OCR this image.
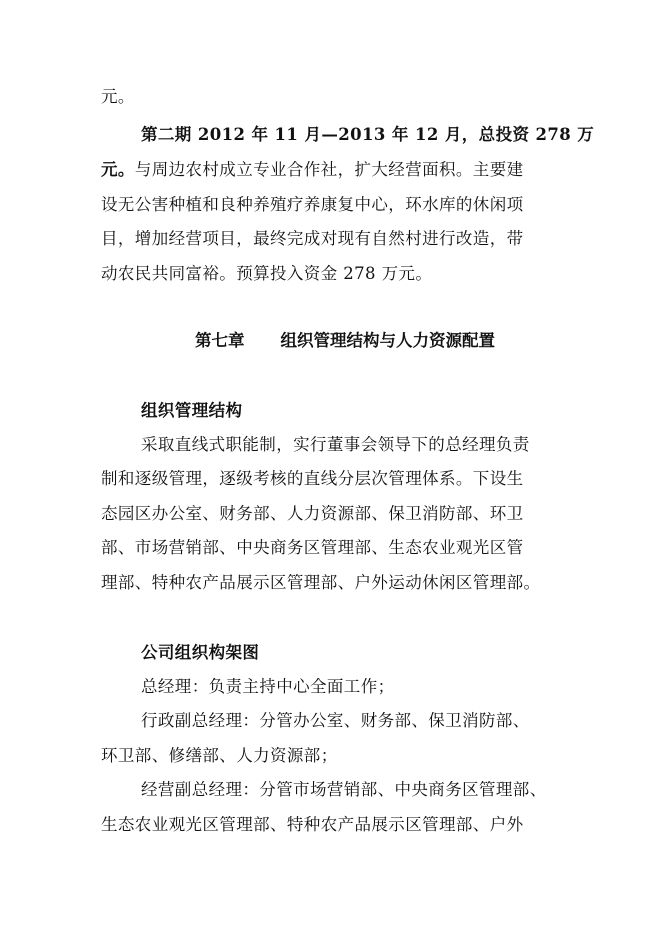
元。
第二期 2012 年 11 月—2013 年 12 月，总投资 278 万
元。与周边农村成立专业合作社，扩大经营面积。主要建
设无公害种植和良种养殖疗养康复中心，环水库的休闲项
目，增加经营项目，最终完成对现有自然村进行改造，带
动农民共同富裕。预算投入资金 278 万元。
第七章 组织管理结构与人力资源配置
组织管理结构
采取直线式职能制，实行董事会领导下的总经理负责
制和逐级管理，逐级考核的直线分层次管理体系。下设生
态园区办公室、财务部、人力资源部、保卫消防部、环卫
部、市场营销部、中央商务区管理部、生态农业观光区管
理部、特种农产品展示区管理部、户外运动休闲区管理部。
公司组织构架图
总经理：负责主持中心全面工作；
行政副总经理：分管办公室、财务部、保卫消防部、
环卫部、修缮部、人力资源部；
经营副总经理：分管市场营销部、中央商务区管理部、
生态农业观光区管理部、特种农产品展示区管理部、户外
